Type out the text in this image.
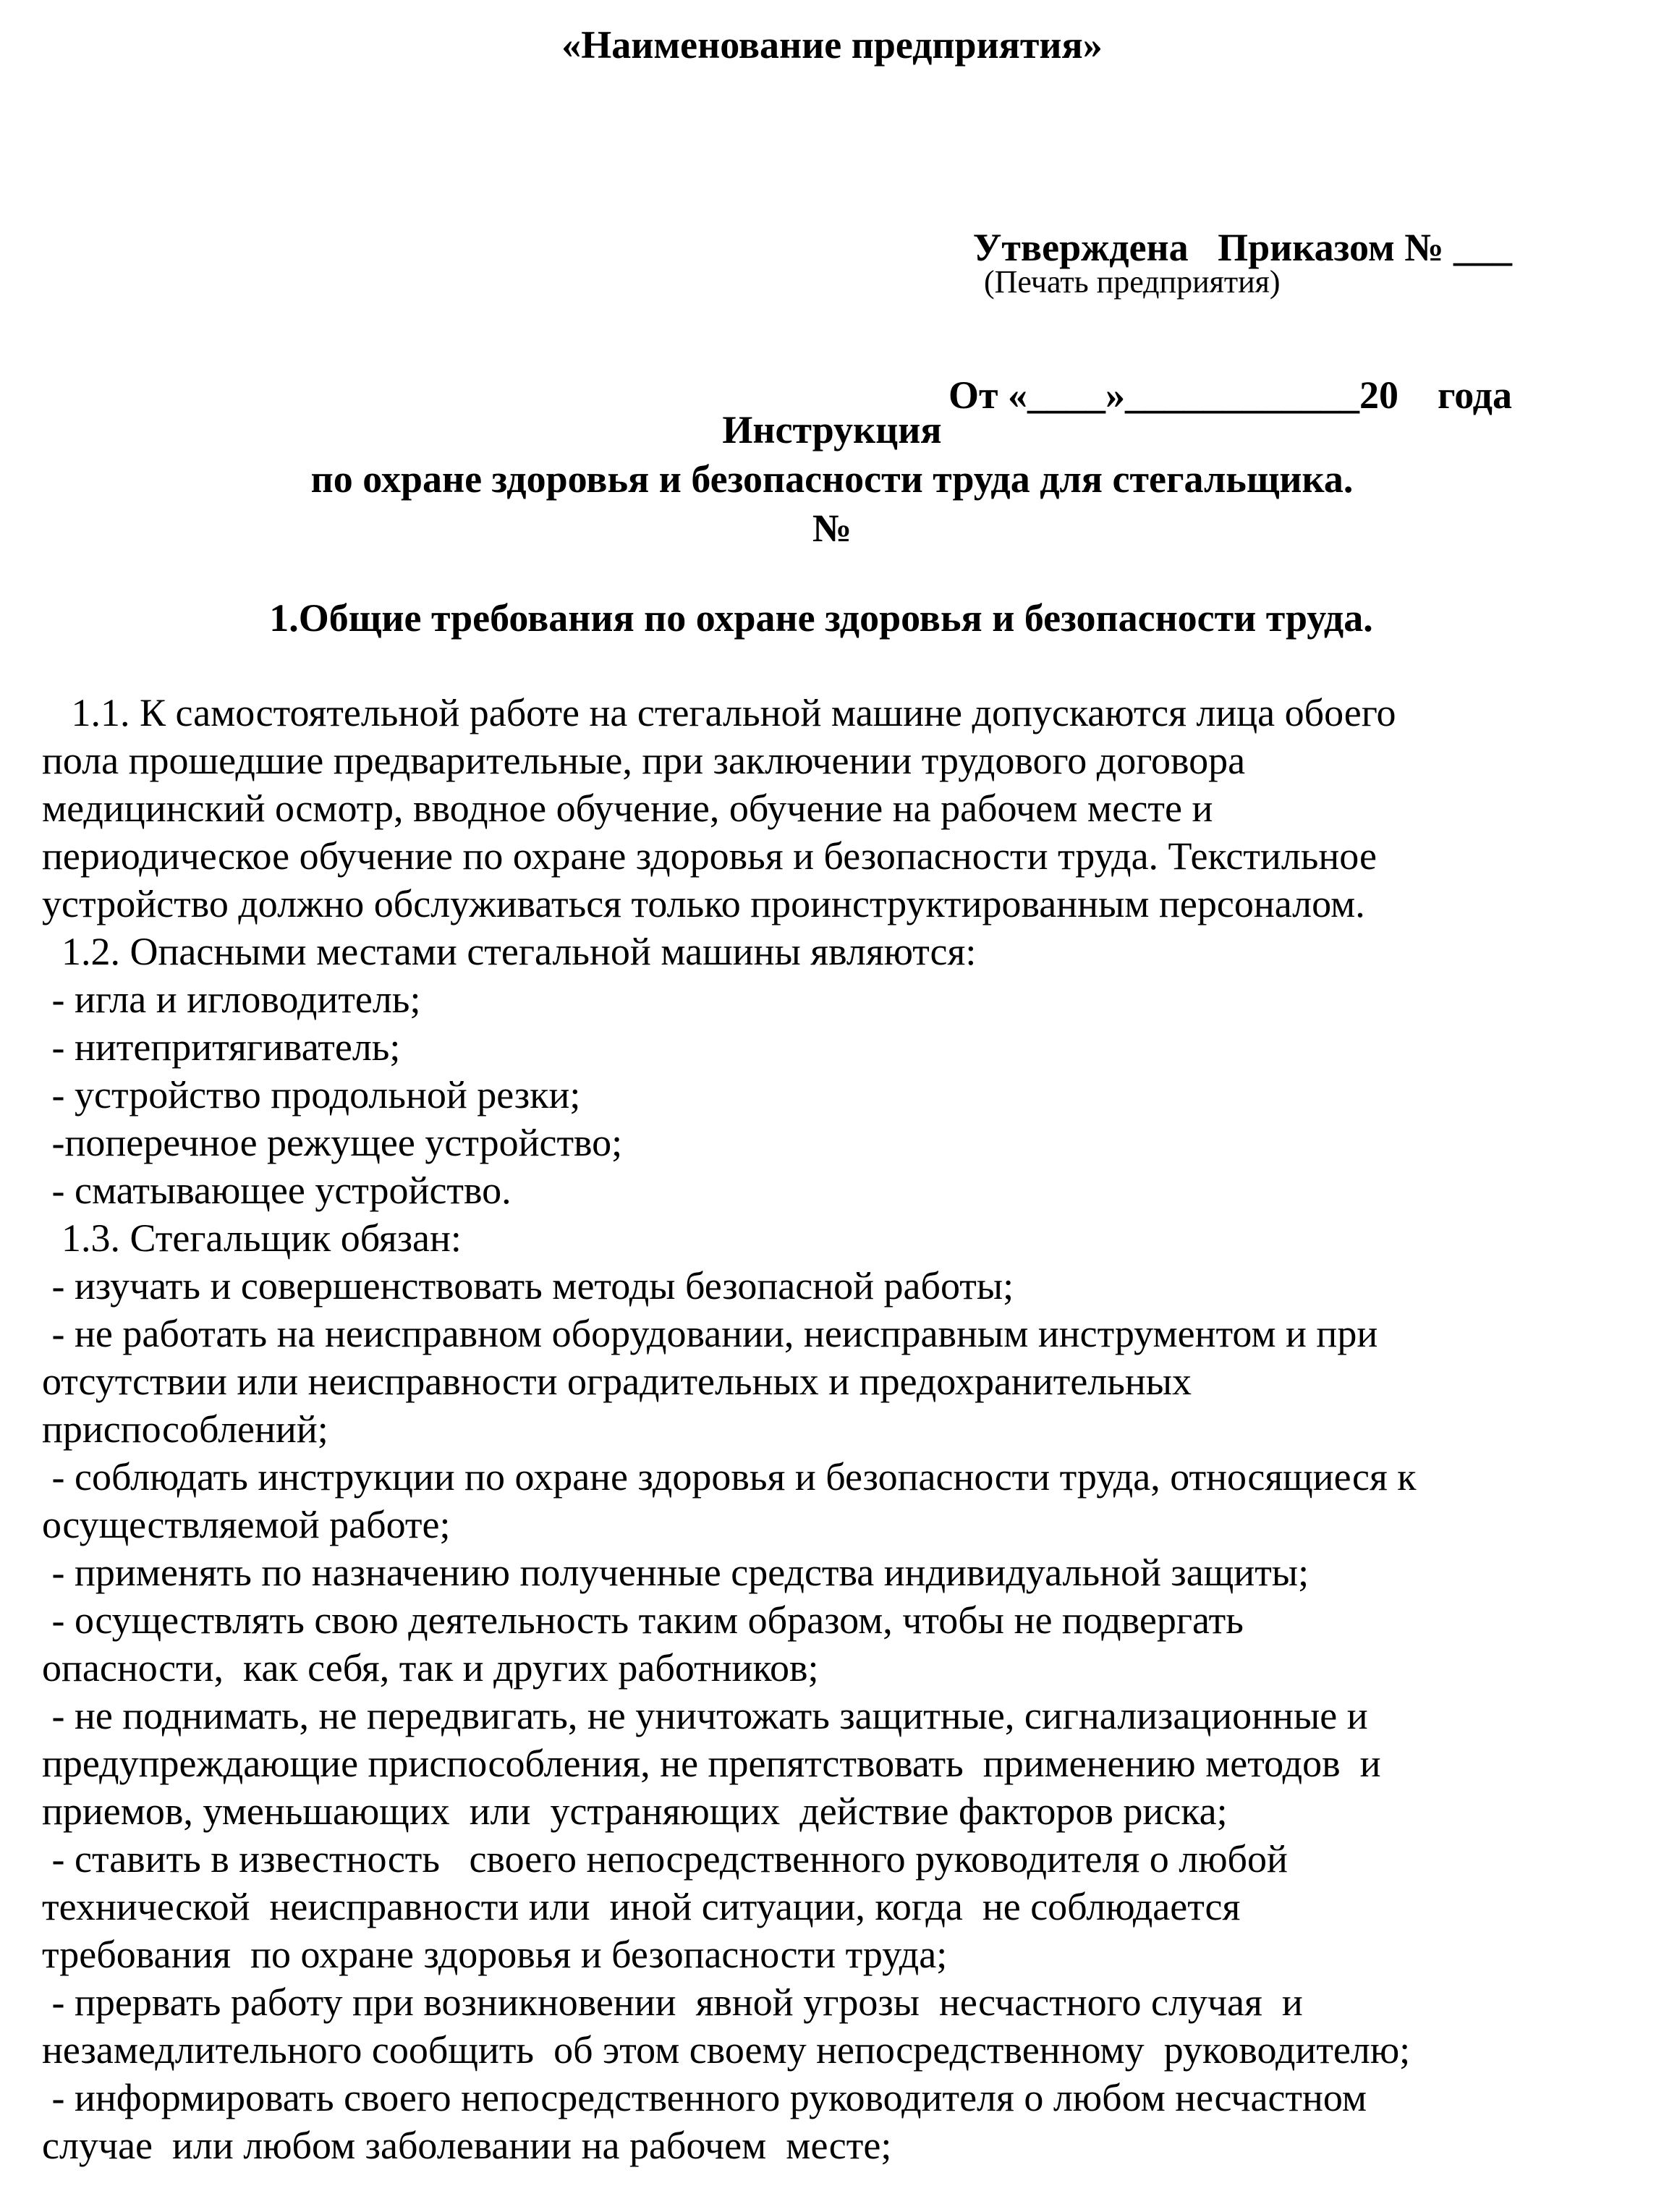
«Наименование предприятия»

Утверждена   Приказом № ___

От «____»____________20    года

(Печать предприятия)
Инструкция
по охране здоровья и безопасности труда для стегальщика.
№
1.Общие требования по охране здоровья и безопасности труда.
1.1. К самостоятельной работе на стегальной машине допускаются лица обоего
пола прошедшие предварительные, при заключении трудового договора
медицинский осмотр, вводное обучение, обучение на рабочем месте и
периодическое обучение по охране здоровья и безопасности труда. Текстильное
устройство должно обслуживаться только проинструктированным персоналом.
1.2. Опасными местами стегальной машины являются:
- игла и игловодитель;
- нитепритягиватель;
- устройство продольной резки;
-поперечное режущее устройство;
- сматывающее устройство.
1.3. Стегальщик обязан:
- изучать и совершенствовать методы безопасной работы;
- не работать на неисправном оборудовании, неисправным инструментом и при
отсутствии или неисправности оградительных и предохранительных
приспособлений;
- соблюдать инструкции по охране здоровья и безопасности труда, относящиеся к
осуществляемой работе;
- применять по назначению полученные средства индивидуальной защиты;
- осуществлять свою деятельность таким образом, чтобы не подвергать
опасности,  как себя, так и других работников;
- не поднимать, не передвигать, не уничтожать защитные, сигнализационные и
предупреждающие приспособления, не препятствовать  применению методов  и
приемов, уменьшающих  или  устраняющих  действие факторов риска;
- ставить в известность   своего непосредственного руководителя о любой
технической  неисправности или  иной ситуации, когда  не соблюдается
требования  по охране здоровья и безопасности труда;
- прервать работу при возникновении  явной угрозы  несчастного случая  и
незамедлительного сообщить  об этом своему непосредственному  руководителю;
- информировать своего непосредственного руководителя о любом несчастном
случае  или любом заболевании на рабочем  месте;
